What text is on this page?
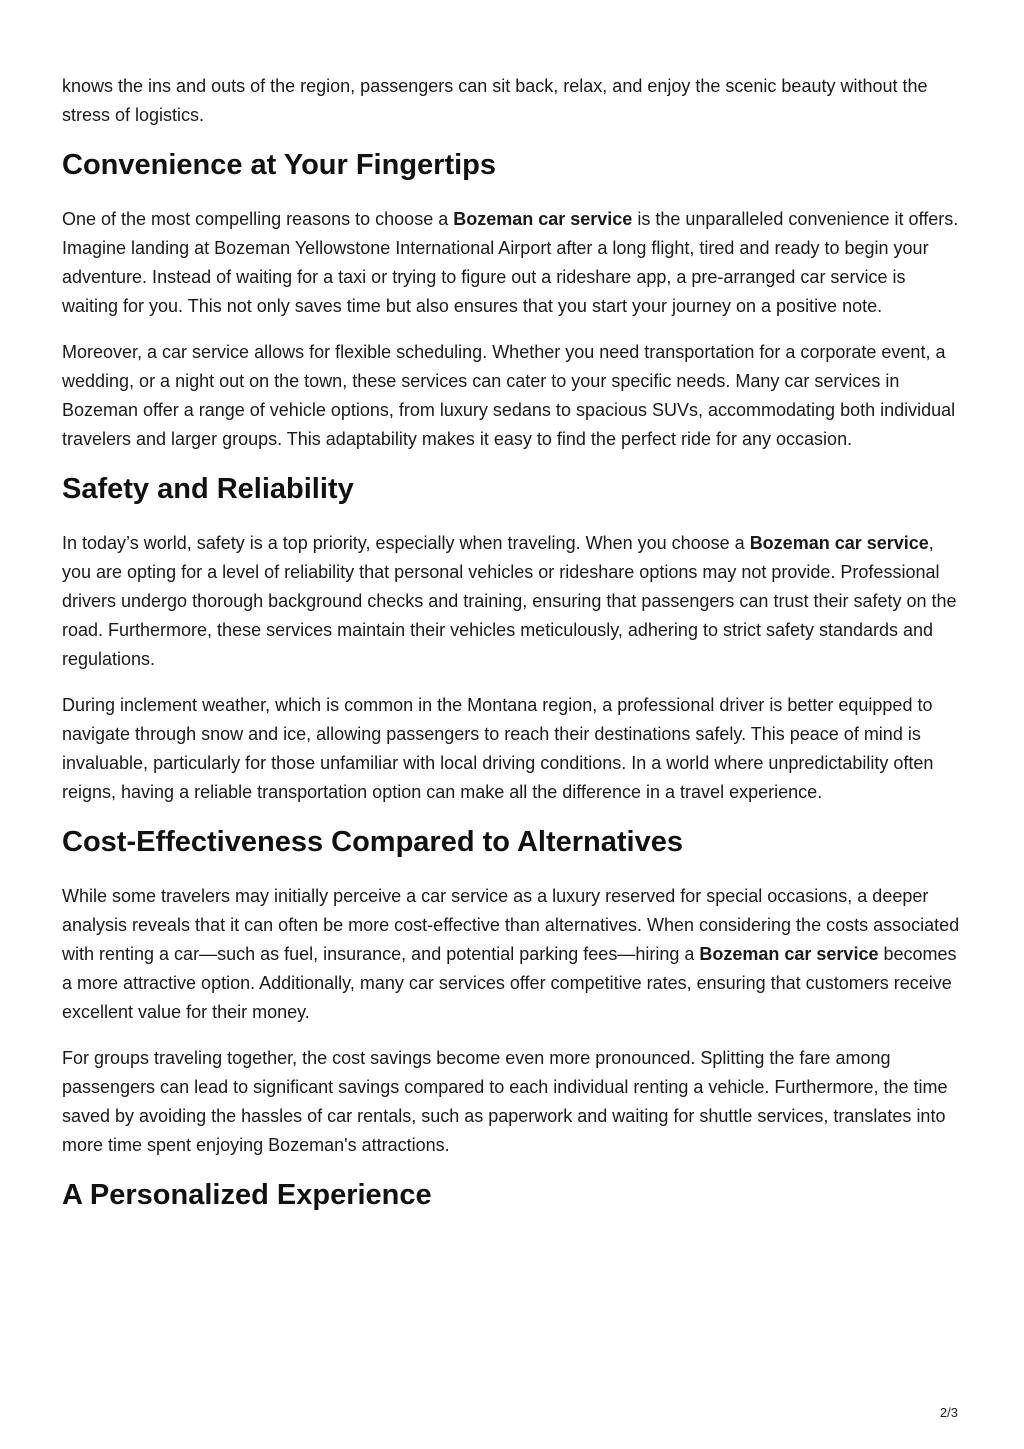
knows the ins and outs of the region, passengers can sit back, relax, and enjoy the scenic beauty without the stress of logistics.

Convenience at Your Fingertips

One of the most compelling reasons to choose a Bozeman car service is the unparalleled convenience it offers. Imagine landing at Bozeman Yellowstone International Airport after a long flight, tired and ready to begin your adventure. Instead of waiting for a taxi or trying to figure out a rideshare app, a pre-arranged car service is waiting for you. This not only saves time but also ensures that you start your journey on a positive note.

Moreover, a car service allows for flexible scheduling. Whether you need transportation for a corporate event, a wedding, or a night out on the town, these services can cater to your specific needs. Many car services in Bozeman offer a range of vehicle options, from luxury sedans to spacious SUVs, accommodating both individual travelers and larger groups. This adaptability makes it easy to find the perfect ride for any occasion.

Safety and Reliability

In today’s world, safety is a top priority, especially when traveling. When you choose a Bozeman car service, you are opting for a level of reliability that personal vehicles or rideshare options may not provide. Professional drivers undergo thorough background checks and training, ensuring that passengers can trust their safety on the road. Furthermore, these services maintain their vehicles meticulously, adhering to strict safety standards and regulations.

During inclement weather, which is common in the Montana region, a professional driver is better equipped to navigate through snow and ice, allowing passengers to reach their destinations safely. This peace of mind is invaluable, particularly for those unfamiliar with local driving conditions. In a world where unpredictability often reigns, having a reliable transportation option can make all the difference in a travel experience.

Cost-Effectiveness Compared to Alternatives

While some travelers may initially perceive a car service as a luxury reserved for special occasions, a deeper analysis reveals that it can often be more cost-effective than alternatives. When considering the costs associated with renting a car—such as fuel, insurance, and potential parking fees—hiring a Bozeman car service becomes a more attractive option. Additionally, many car services offer competitive rates, ensuring that customers receive excellent value for their money.

For groups traveling together, the cost savings become even more pronounced. Splitting the fare among passengers can lead to significant savings compared to each individual renting a vehicle. Furthermore, the time saved by avoiding the hassles of car rentals, such as paperwork and waiting for shuttle services, translates into more time spent enjoying Bozeman's attractions.

A Personalized Experience
2/3
